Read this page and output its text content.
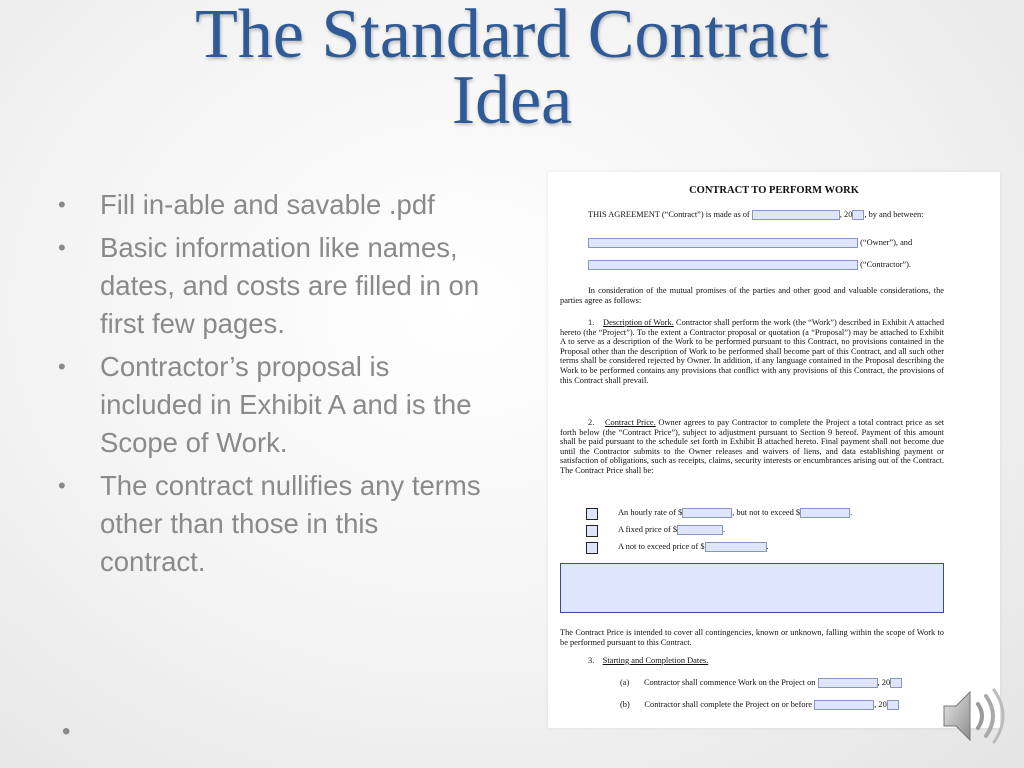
The Standard Contract
Idea
• Fill in-able and savable .pdf
• Basic information like names, dates, and costs are filled in on first few pages.
• Contractor’s proposal is included in Exhibit A and is the Scope of Work.
• The contract nullifies any terms other than those in this contract.
•
CONTRACT TO PERFORM WORK
THIS AGREEMENT (“Contract”) is made as of	, 20 , by and between:
(“Owner”), and
(“Contractor”).
In consideration of the mutual promises of the parties and other good and valuable considerations, the parties agree as follows:
1. Description of Work. Contractor shall perform the work (the “Work”) described in Exhibit A attached hereto (the “Project”). To the extent a Contractor proposal or quotation (a “Proposal”) may be attached to Exhibit A to serve as a description of the Work to be performed pursuant to this Contract, no provisions contained in the Proposal other than the description of Work to be performed shall become part of this Contract, and all such other terms shall be considered rejected by Owner. In addition, if any language contained in the Proposal describing the Work to be performed contains any provisions that conflict with any provisions of this Contract, the provisions of this Contract shall prevail.
2. Contract Price. Owner agrees to pay Contractor to complete the Project a total contract price as set forth below (the “Contract Price”), subject to adjustment pursuant to Section 9 hereof. Payment of this amount shall be paid pursuant to the schedule set forth in Exhibit B attached hereto. Final payment shall not become due until the Contractor submits to the Owner releases and waivers of liens, and data establishing payment or satisfaction of obligations, such as receipts, claims, security interests or encumbrances arising out of the Contract. The Contract Price shall be:
An hourly rate of $	, but not to exceed $	.
A fixed price of $	.
A not to exceed price of $	.
The Contract Price is intended to cover all contingencies, known or unknown, falling within the scope of Work to be performed pursuant to this Contract.
3. Starting and Completion Dates.
(a) Contractor shall commence Work on the Project on	, 20
(b) Contractor shall complete the Project on or before	, 20
